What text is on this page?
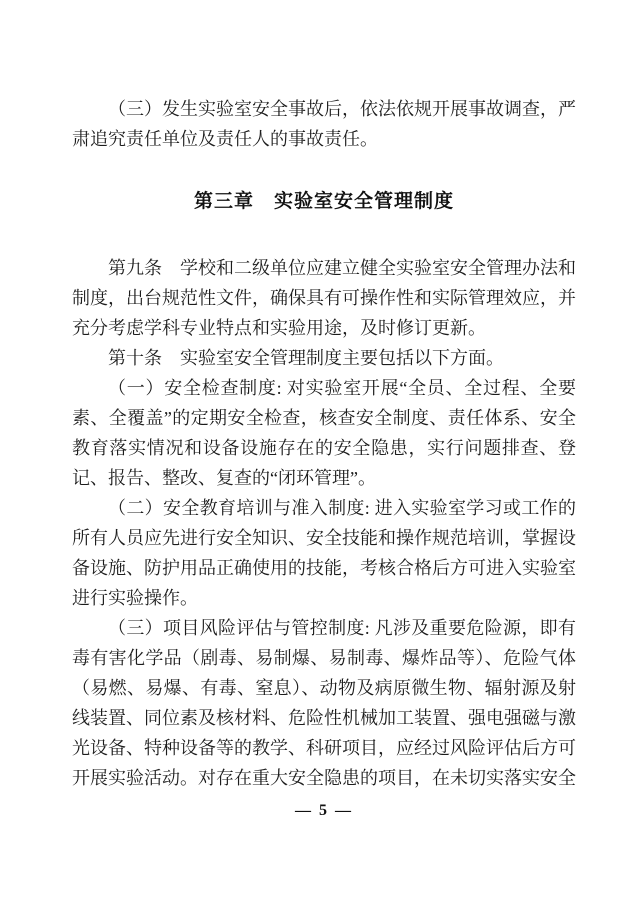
（三）发生实验室安全事故后，依法依规开展事故调查，严肃追究责任单位及责任人的事故责任。

第三章　实验室安全管理制度

第九条　学校和二级单位应建立健全实验室安全管理办法和制度，出台规范性文件，确保具有可操作性和实际管理效应，并充分考虑学科专业特点和实验用途，及时修订更新。

第十条　实验室安全管理制度主要包括以下方面。

（一）安全检查制度: 对实验室开展“全员、全过程、全要素、全覆盖”的定期安全检查，核查安全制度、责任体系、安全教育落实情况和设备设施存在的安全隐患，实行问题排查、登记、报告、整改、复查的“闭环管理”。

（二）安全教育培训与准入制度: 进入实验室学习或工作的所有人员应先进行安全知识、安全技能和操作规范培训，掌握设备设施、防护用品正确使用的技能，考核合格后方可进入实验室进行实验操作。

（三）项目风险评估与管控制度: 凡涉及重要危险源，即有毒有害化学品（剧毒、易制爆、易制毒、爆炸品等）、危险气体（易燃、易爆、有毒、窒息）、动物及病原微生物、辐射源及射线装置、同位素及核材料、危险性机械加工装置、强电强磁与激光设备、特种设备等的教学、科研项目，应经过风险评估后方可开展实验活动。对存在重大安全隐患的项目，在未切实落实安全

— 5 —
